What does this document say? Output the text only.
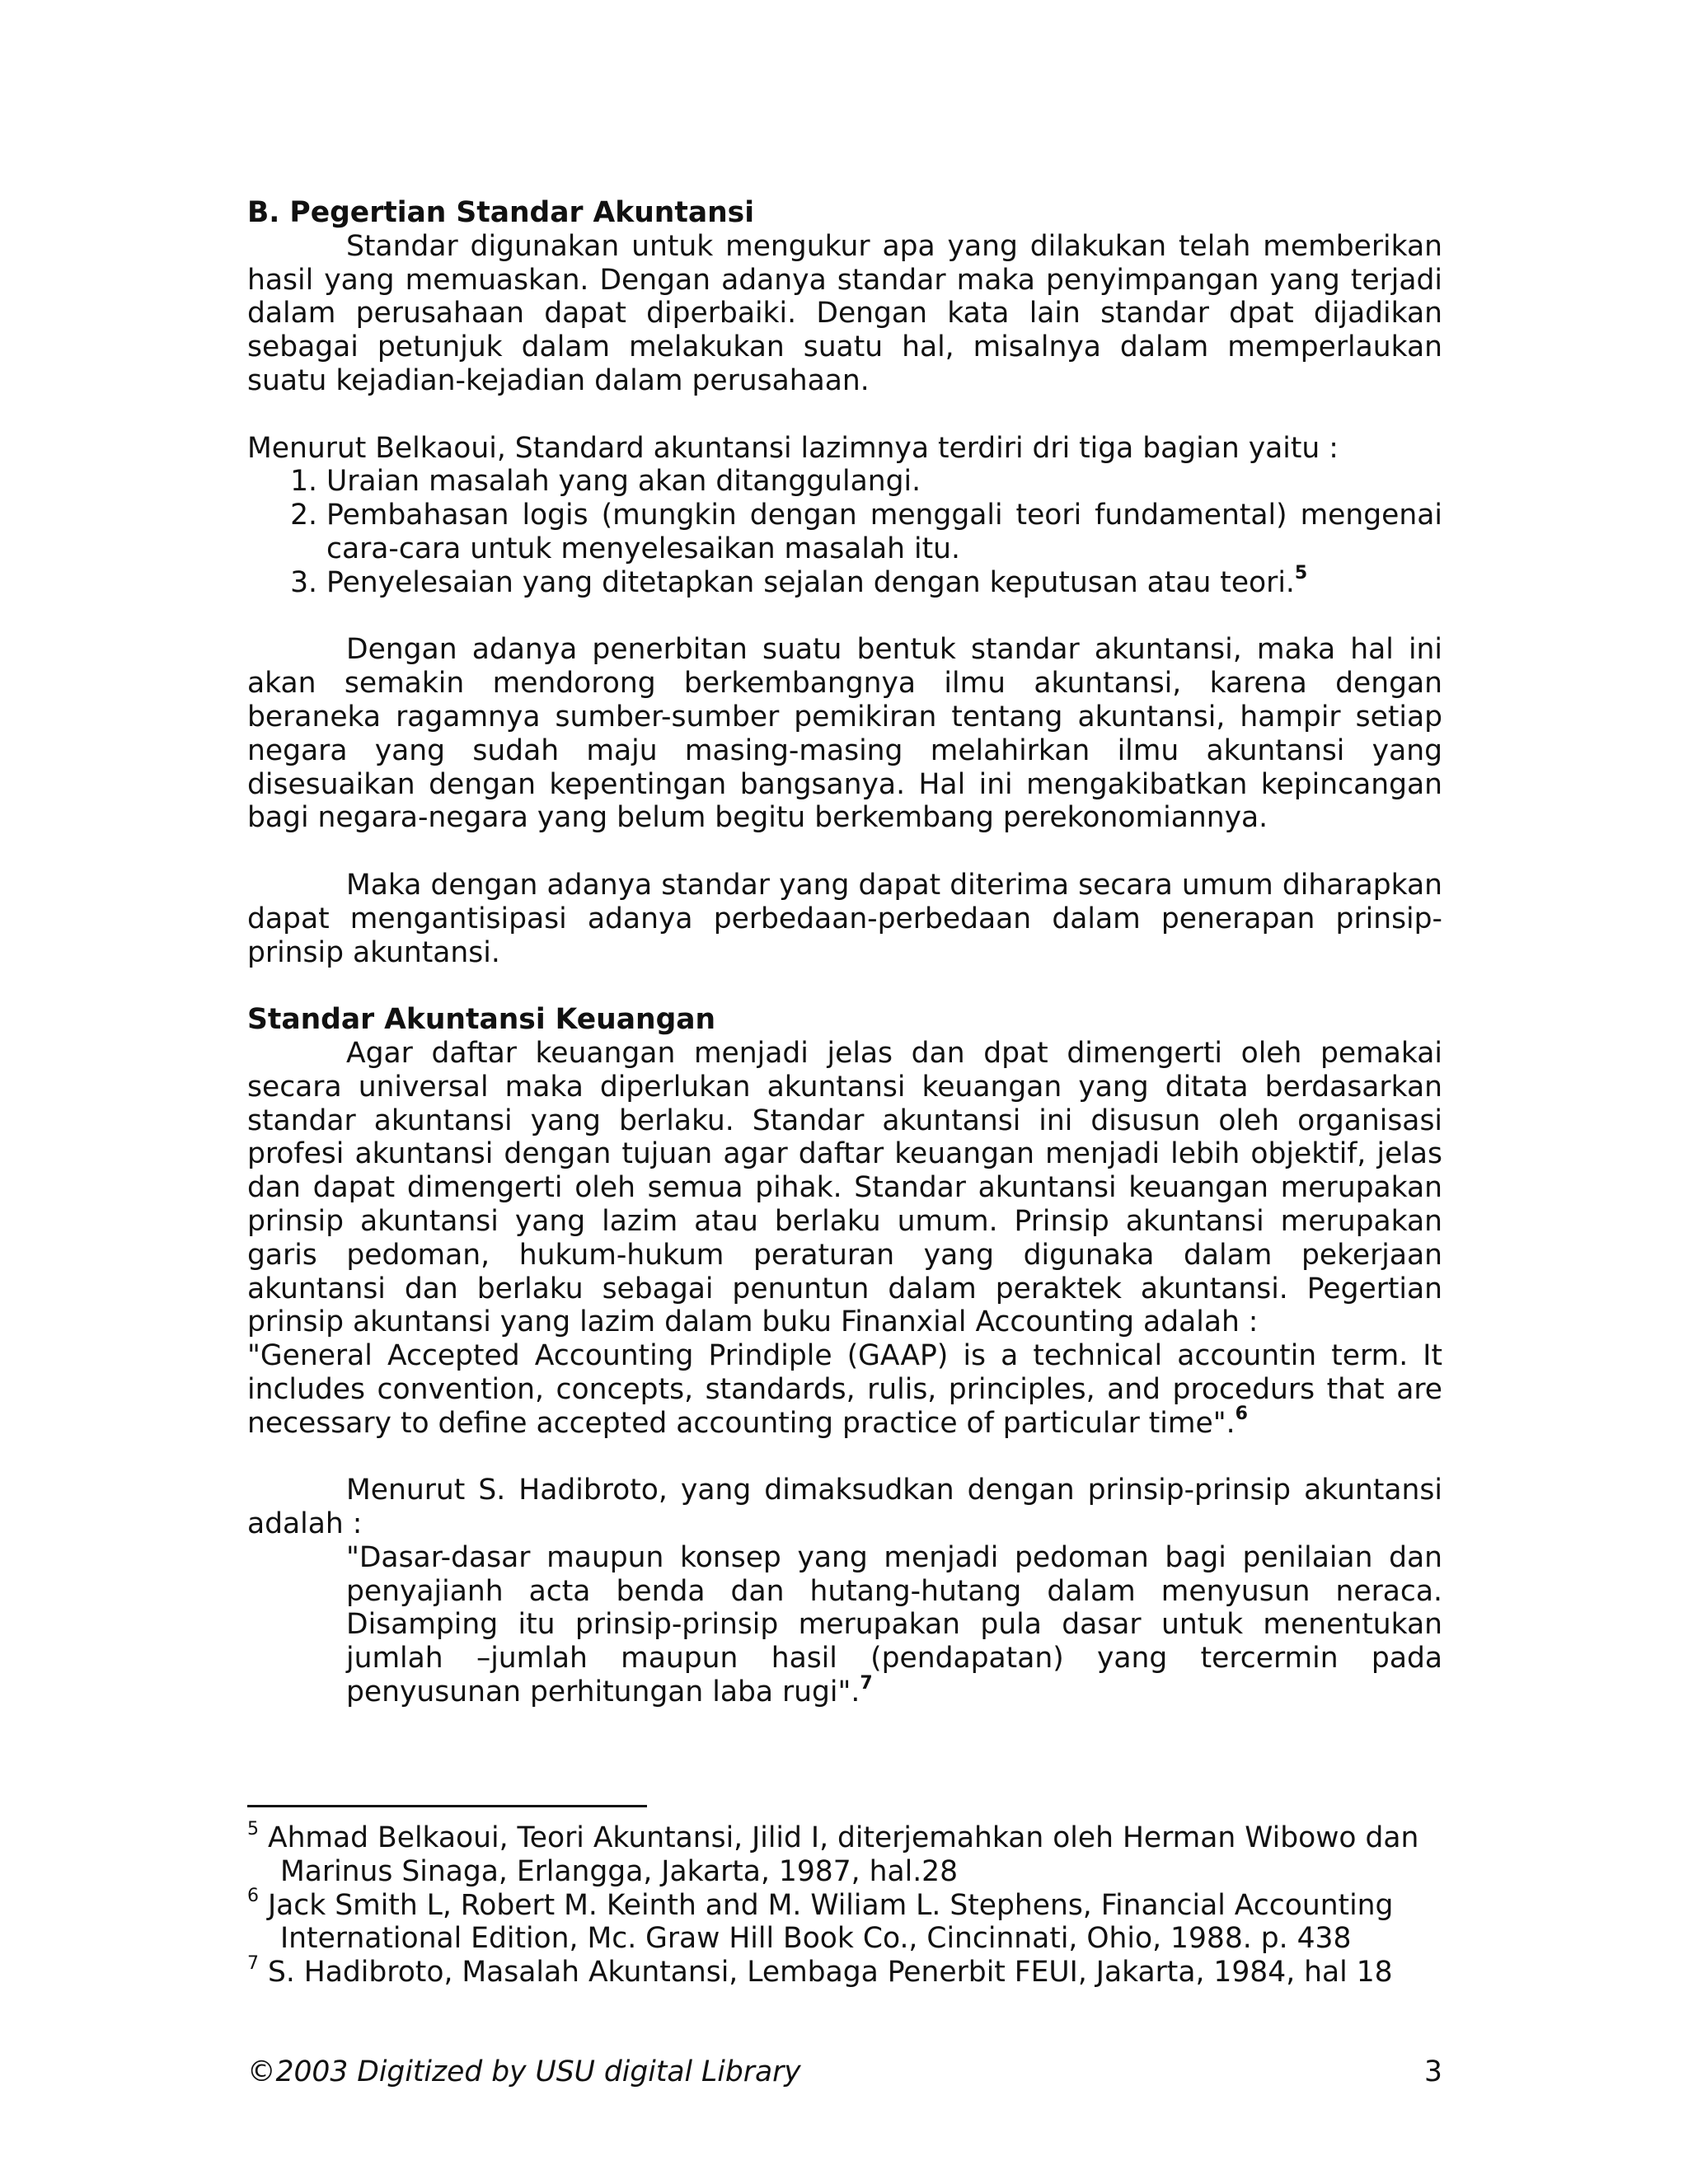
B. Pegertian Standar Akuntansi

Standar digunakan untuk mengukur apa yang dilakukan telah memberikan hasil yang memuaskan. Dengan adanya standar maka penyimpangan yang terjadi dalam perusahaan dapat diperbaiki. Dengan kata lain standar dpat dijadikan sebagai petunjuk dalam melakukan suatu hal, misalnya dalam memperlaukan suatu kejadian-kejadian dalam perusahaan.

Menurut Belkaoui, Standard akuntansi lazimnya terdiri dri tiga bagian yaitu :

1. Uraian masalah yang akan ditanggulangi.
2. Pembahasan logis (mungkin dengan menggali teori fundamental) mengenai cara-cara untuk menyelesaikan masalah itu.
3. Penyelesaian yang ditetapkan sejalan dengan keputusan atau teori.$^5$

Dengan adanya penerbitan suatu bentuk standar akuntansi, maka hal ini akan semakin mendorong berkembangnya ilmu akuntansi, karena dengan beraneka ragamnya sumber-sumber pemikiran tentang akuntansi, hampir setiap negara yang sudah maju masing-masing melahirkan ilmu akuntansi yang disesuaikan dengan kepentingan bangsanya. Hal ini mengakibatkan kepincangan bagi negara-negara yang belum begitu berkembang perekonomiannya.

Maka dengan adanya standar yang dapat diterima secara umum diharapkan dapat mengantisipasi adanya perbedaan-perbedaan dalam penerapan prinsip-prinsip akuntansi.

Standar Akuntansi Keuangan

Agar daftar keuangan menjadi jelas dan dpat dimengerti oleh pemakai secara universal maka diperlukan akuntansi keuangan yang ditata berdasarkan standar akuntansi yang berlaku. Standar akuntansi ini disusun oleh organisasi profesi akuntansi dengan tujuan agar daftar keuangan menjadi lebih objektif, jelas dan dapat dimengerti oleh semua pihak. Standar akuntansi keuangan merupakan prinsip akuntansi yang lazim atau berlaku umum. Prinsip akuntansi merupakan garis pedoman, hukum-hukum peraturan yang digunaka dalam pekerjaan akuntansi dan berlaku sebagai penuntun dalam peraktek akuntansi. Pegertian prinsip akuntansi yang lazim dalam buku Finanxial Accounting adalah :

"General Accepted Accounting Prindiple (GAAP) is a technical accountin term. It includes convention, concepts, standards, rulis, principles, and procedurs that are necessary to define accepted accounting practice of particular time".$^6$

Menurut S. Hadibroto, yang dimaksudkan dengan prinsip-prinsip akuntansi adalah :

"Dasar-dasar maupun konsep yang menjadi pedoman bagi penilaian dan penyajianh acta benda dan hutang-hutang dalam menyusun neraca. Disamping itu prinsip-prinsip merupakan pula dasar untuk menentukan jumlah –jumlah maupun hasil (pendapatan) yang tercermin pada penyusunan perhitungan laba rugi".$^7$

$^5$ Ahmad Belkaoui, Teori Akuntansi, Jilid I, diterjemahkan oleh Herman Wibowo dan Marinus Sinaga, Erlangga, Jakarta, 1987, hal.28

$^6$ Jack Smith L, Robert M. Keinth and M. Wiliam L. Stephens, Financial Accounting International Edition, Mc. Graw Hill Book Co., Cincinnati, Ohio, 1988. p. 438

$^7$ S. Hadibroto, Masalah Akuntansi, Lembaga Penerbit FEUI, Jakarta, 1984, hal 18

©2003 Digitized by USU digital Library	3
